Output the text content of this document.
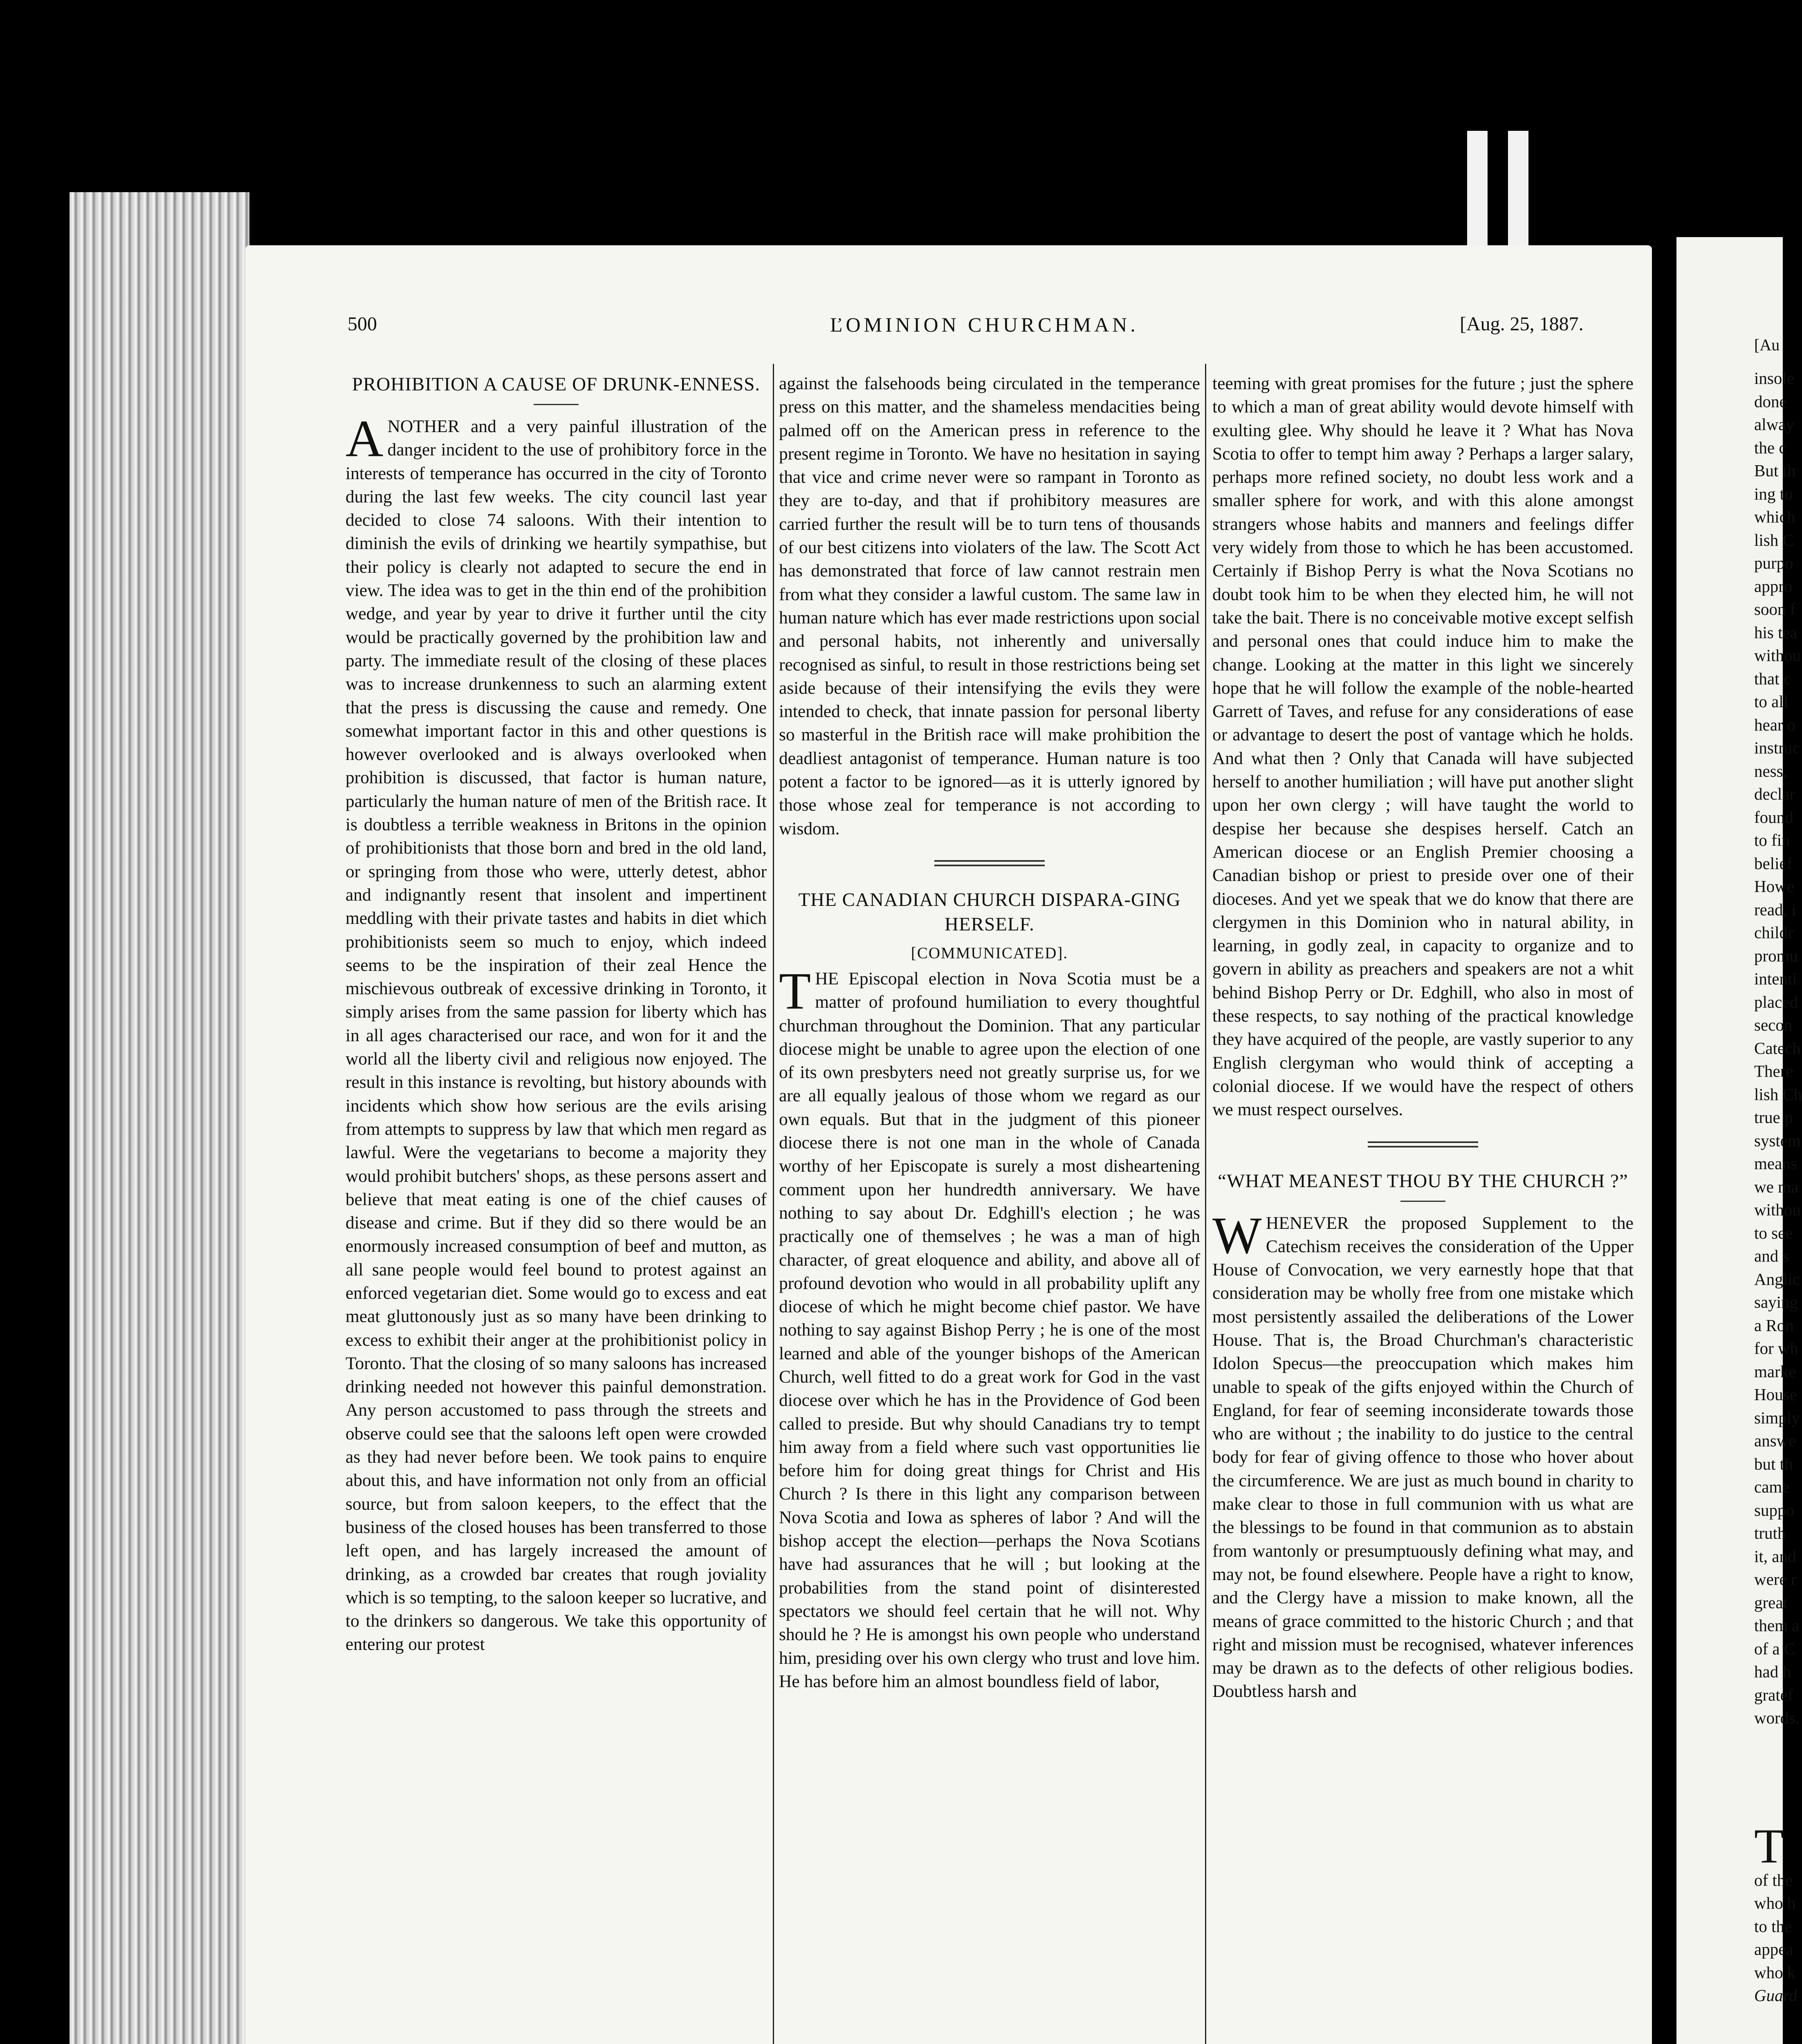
500	ĽOMINION CHURCHMAN.	[Aug. 25, 1887.
PROHIBITION A CAUSE OF DRUNK-ENNESS.

ANOTHER and a very painful illustration of the danger incident to the use of prohibitory force in the interests of temperance has occurred in the city of Toronto during the last few weeks. The city council last year decided to close 74 saloons. With their intention to diminish the evils of drinking we heartily sympathise, but their policy is clearly not adapted to secure the end in view. The idea was to get in the thin end of the prohibition wedge, and year by year to drive it further until the city would be practically governed by the prohibition law and party. The immediate result of the closing of these places was to increase drunkenness to such an alarming extent that the press is discussing the cause and remedy. One somewhat important factor in this and other questions is however overlooked and is always overlooked when prohibition is discussed, that factor is human nature, particularly the human nature of men of the British race. It is doubtless a terrible weakness in Britons in the opinion of prohibitionists that those born and bred in the old land, or springing from those who were, utterly detest, abhor and indignantly resent that insolent and impertinent meddling with their private tastes and habits in diet which prohibitionists seem so much to enjoy, which indeed seems to be the inspiration of their zeal Hence the mischievous outbreak of excessive drinking in Toronto, it simply arises from the same passion for liberty which has in all ages characterised our race, and won for it and the world all the liberty civil and religious now enjoyed. The result in this instance is revolting, but history abounds with incidents which show how serious are the evils arising from attempts to suppress by law that which men regard as lawful. Were the vegetarians to become a majority they would prohibit butchers' shops, as these persons assert and believe that meat eating is one of the chief causes of disease and crime. But if they did so there would be an enormously increased consumption of beef and mutton, as all sane people would feel bound to protest against an enforced vegetarian diet. Some would go to excess and eat meat gluttonously just as so many have been drinking to excess to exhibit their anger at the prohibitionist policy in Toronto. That the closing of so many saloons has increased drinking needed not however this painful demonstration. Any person accustomed to pass through the streets and observe could see that the saloons left open were crowded as they had never before been. We took pains to enquire about this, and have information not only from an official source, but from saloon keepers, to the effect that the business of the closed houses has been transferred to those left open, and has largely increased the amount of drinking, as a crowded bar creates that rough joviality which is so tempting, to the saloon keeper so lucrative, and to the drinkers so dangerous. We take this opportunity of entering our protest

against the falsehoods being circulated in the temperance press on this matter, and the shameless mendacities being palmed off on the American press in reference to the present regime in Toronto. We have no hesitation in saying that vice and crime never were so rampant in Toronto as they are to-day, and that if prohibitory measures are carried further the result will be to turn tens of thousands of our best citizens into violaters of the law. The Scott Act has demonstrated that force of law cannot restrain men from what they consider a lawful custom. The same law in human nature which has ever made restrictions upon social and personal habits, not inherently and universally recognised as sinful, to result in those restrictions being set aside because of their intensifying the evils they were intended to check, that innate passion for personal liberty so masterful in the British race will make prohibition the deadliest antagonist of temperance. Human nature is too potent a factor to be ignored—as it is utterly ignored by those whose zeal for temperance is not according to wisdom.

THE CANADIAN CHURCH DISPARA-GING HERSELF.
[COMMUNICATED].

THE Episcopal election in Nova Scotia must be a matter of profound humiliation to every thoughtful churchman throughout the Dominion. That any particular diocese might be unable to agree upon the election of one of its own presbyters need not greatly surprise us, for we are all equally jealous of those whom we regard as our own equals. But that in the judgment of this pioneer diocese there is not one man in the whole of Canada worthy of her Episcopate is surely a most disheartening comment upon her hundredth anniversary. We have nothing to say about Dr. Edghill's election ; he was practically one of themselves ; he was a man of high character, of great eloquence and ability, and above all of profound devotion who would in all probability uplift any diocese of which he might become chief pastor. We have nothing to say against Bishop Perry ; he is one of the most learned and able of the younger bishops of the American Church, well fitted to do a great work for God in the vast diocese over which he has in the Providence of God been called to preside. But why should Canadians try to tempt him away from a field where such vast opportunities lie before him for doing great things for Christ and His Church ? Is there in this light any comparison between Nova Scotia and Iowa as spheres of labor ? And will the bishop accept the election—perhaps the Nova Scotians have had assurances that he will ; but looking at the probabilities from the stand point of disinterested spectators we should feel certain that he will not. Why should he ? He is amongst his own people who understand him, presiding over his own clergy who trust and love him. He has before him an almost boundless field of labor,

teeming with great promises for the future ; just the sphere to which a man of great ability would devote himself with exulting glee. Why should he leave it ? What has Nova Scotia to offer to tempt him away ? Perhaps a larger salary, perhaps more refined society, no doubt less work and a smaller sphere for work, and with this alone amongst strangers whose habits and manners and feelings differ very widely from those to which he has been accustomed. Certainly if Bishop Perry is what the Nova Scotians no doubt took him to be when they elected him, he will not take the bait. There is no conceivable motive except selfish and personal ones that could induce him to make the change. Looking at the matter in this light we sincerely hope that he will follow the example of the noble-hearted Garrett of Taves, and refuse for any considerations of ease or advantage to desert the post of vantage which he holds. And what then ? Only that Canada will have subjected herself to another humiliation ; will have put another slight upon her own clergy ; will have taught the world to despise her because she despises herself. Catch an American diocese or an English Premier choosing a Canadian bishop or priest to preside over one of their dioceses. And yet we speak that we do know that there are clergymen in this Dominion who in natural ability, in learning, in godly zeal, in capacity to organize and to govern in ability as preachers and speakers are not a whit behind Bishop Perry or Dr. Edghill, who also in most of these respects, to say nothing of the practical knowledge they have acquired of the people, are vastly superior to any English clergyman who would think of accepting a colonial diocese. If we would have the respect of others we must respect ourselves.

“WHAT MEANEST THOU BY THE CHURCH ?”

WHENEVER the proposed Supplement to the Catechism receives the consideration of the Upper House of Convocation, we very earnestly hope that that consideration may be wholly free from one mistake which most persistently assailed the deliberations of the Lower House. That is, the Broad Churchman's characteristic Idolon Specus—the preoccupation which makes him unable to speak of the gifts enjoyed within the Church of England, for fear of seeming inconsiderate towards those who are without ; the inability to do justice to the central body for fear of giving offence to those who hover about the circumference. We are just as much bound in charity to make clear to those in full communion with us what are the blessings to be found in that communion as to abstain from wantonly or presumptuously defining what may, and may not, be found elsewhere. People have a right to know, and the Clergy have a mission to make known, all the means of grace committed to the historic Church ; and that right and mission must be recognised, whatever inferences may be drawn as to the defects of other religious bodies. Doubtless harsh and

[Au
insole
done
alway
the c
But th
ing to
which
lish C
purpo
appro
soon f
his tea
withou
that c
to all
hear o
instruc
ness,
declar
found
to fin
belief
Howe
read, i
childr
promu
intenti
placed
secon
Catech
There
lish Ch
true p
system
means
we ma
withou
to see
and s
Anglic
saying
a Ron
for wh
marke
House
simply
answe
but th
came
suppo
truth
it, and
were r
great
them a
of a C
had h
gratef
words.
T
of the
who h
to the
appea
who k
Guard
